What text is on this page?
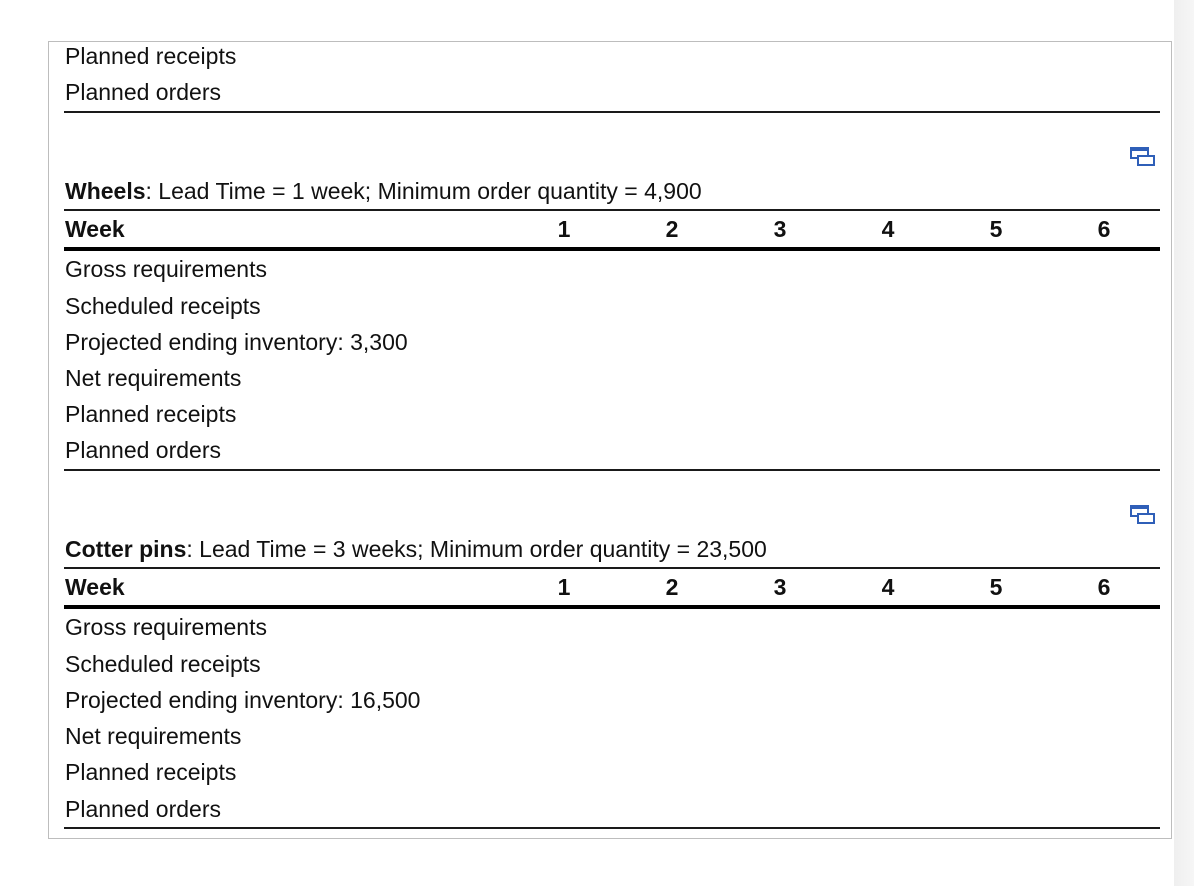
Planned receipts
Planned orders
Wheels: Lead Time = 1 week; Minimum order quantity = 4,900
Week	1	2	3	4	5	6
Gross requirements
Scheduled receipts
Projected ending inventory: 3,300
Net requirements
Planned receipts
Planned orders
Cotter pins: Lead Time = 3 weeks; Minimum order quantity = 23,500
Week	1	2	3	4	5	6
Gross requirements
Scheduled receipts
Projected ending inventory: 16,500
Net requirements
Planned receipts
Planned orders
